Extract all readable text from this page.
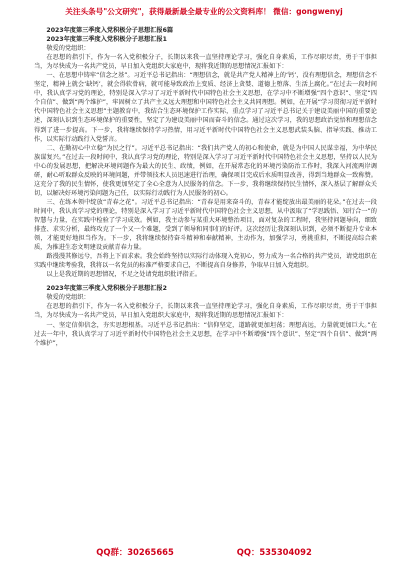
关注头条号"公文研究"，获得最新最全最专业的公文资料库！ 微信：gongwenyj

2023年度第三季度入党积极分子思想汇报6篇

2023年度第三季度入党积极分子思想汇报1

敬爱的党组织：

在思想的指引下，作为一名入党积极分子，长期以来我一直坚持理论学习，强化自身素质，工作尽职尽责，勇于干事担当，为尽快成为一名共产党员，早日加入党组织大家庭中，现将我近期的思想情况汇报如下：

一、在思想中铸牢“信念之基”。习近平总书记指出：“理想信念，就是共产党人精神上的‘钙’，没有理想信念，理想信念不坚定，精神上就会‘缺钙’，就会得软骨病，就可能导致政治上变质、经济上贪婪、道德上堕落、生活上腐化。”在过去一段时间中，我认真学习党的理论，特别是深入学习了习近平新时代中国特色社会主义思想，在学习中不断增强“四个意识”、坚定“四个自信”、做到“两个维护”，牢固树立了共产主义远大理想和中国特色社会主义共同理想。例如，在开展“学习贯彻习近平新时代中国特色社会主义思想”主题教育中，我结合生态环境保护工作实际，重点学习了习近平总书记关于建设美丽中国的重要论述，深刻认识到生态环境保护的重要性，坚定了为建设美丽中国而奋斗的信念。通过这次学习，我的思想政治觉悟和理想信念得到了进一步提高。下一步，我将继续保持学习热情，用习近平新时代中国特色社会主义思想武装头脑、指导实践、推动工作，以实际行动践行入党誓言。

二、在勤初心中立稳“为民之行”。习近平总书记指出：“我们共产党人的初心和使命，就是为中国人民谋幸福，为中华民族谋复兴。”在过去一段时间中，我认真学习党的理论，特别是深入学习了习近平新时代中国特色社会主义思想，坚持以人民为中心的发展思想，把解决环境问题作为最大的民生、政绩，例如，在开展常态化的环境污染防治工作时，我深入河流两岸调研，耐心听取群众反映的环境问题，并带领技术人员迅速进行治理，确保项目完成后水质明显改善，得到当地群众一致称赞。这充分了我的民生情怀，使我更加坚定了全心全意为人民服务的信念。下一步，我将继续保持民生情怀，深入基层了解群众关切，以解决好环境污染问题为己任，以实际行动践行为人民服务的初心。

三、在练本领中绽放“青春之花”。习近平总书记指出：“青春是用来奋斗的，青春才能绽放出最美丽的花朵。”在过去一段时间中，我认真学习党的理论，特别是深入学习了习近平新时代中国特色社会主义思想，从中汲取了“学思践悟、知行合一”的智慧与力量，在实践中检验了学习成效。例如，我主动参与某重大环境整治项目，面对复杂的工程时，我坚持问题导向，细致排查、求实分析，最终攻克了一个又一个难题，受到了领导和同事们的好评。这次经历让我深刻认识到，必须不断提升专业本领，才能更好地担当作为。下一步，我将继续保持奋斗精神和奉献精神，主动作为，加强学习，勇挑重担，不断提高综合素质，为推进生态文明建设贡献青春力量。

路漫漫其修远兮，吾将上下而求索。我会始终坚持以实际行动体现入党初心，努力成为一名合格的共产党员，请党组织在实践中继续考验我，我将以一名党员的标准严格要求自己，不断提高自身修养，争取早日加入党组织。

以上是我近期的思想情况，不足之处请党组织批评指正。

2023年度第三季度入党积极分子思想汇报2

敬爱的党组织：

在思想的指引下，作为一名入党积极分子，长期以来我一直坚持理论学习，强化自身素质，工作尽职尽责，勇于干事担当，为尽快成为一名共产党员，早日加入党组织大家庭中，现将我近期的思想情况汇报如下：

一、坚定信仰信念，夯实思想根基。习近平总书记指出：“信仰坚定，道路就更加坦荡；理想高远，力量就更加巨大。”在过去一年中，我认真学习了习近平新时代中国特色社会主义思想，在学习中不断增强“四个意识”、坚定“四个自信”、做到“两个维护”，

QQ群：30265665	QQ：535304092
